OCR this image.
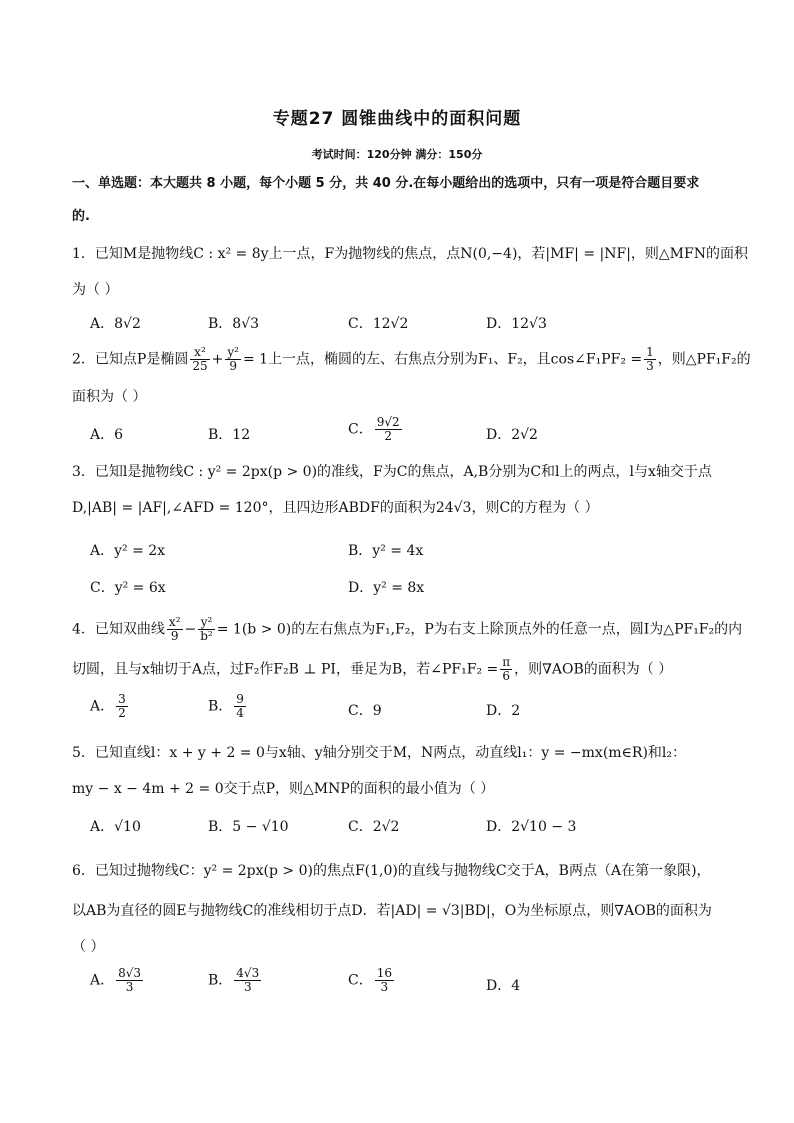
专题27 圆锥曲线中的面积问题
考试时间：120分钟 满分：150分
一、单选题：本大题共 8 小题，每个小题 5 分，共 40 分.在每小题给出的选项中，只有一项是符合题目要求
的.
1．已知M是抛物线C : x² = 8y上一点，F为抛物线的焦点，点N(0,−4)，若|MF| = |NF|，则△MFN的面积
为（ ）
A．8√2	B．8√3	C．12√2	D．12√3
2．已知点P是椭圆 $\frac{\text{x²}}{25} + \frac{\text{y²}}{9} = 1$上一点，椭圆的左、右焦点分别为F₁、F₂，且cos∠F₁PF₂ = $\frac{1}{3}$ ，则△PF₁F₂的
面积为（ ）
A．6	B．12	C． $\frac{9√2}{2}$	D．2√2
3．已知l是抛物线C : y² = 2px(p > 0)的准线，F为C的焦点，A,B分别为C和l上的两点，l与x轴交于点
D,|AB| = |AF|,∠AFD = 120°，且四边形ABDF的面积为24√3，则C的方程为（ ）
A．y² = 2x	B．y² = 4x
C．y² = 6x	D．y² = 8x
4．已知双曲线 $\frac{\text{x²}}{9} - \frac{\text{y²}}{\text{b²}} = 1(b > 0)$的左右焦点为F₁,F₂，P为右支上除顶点外的任意一点，圆I为△PF₁F₂的内
切圆，且与x轴切于A点，过F₂作F₂B ⊥ PI，垂足为B，若∠PF₁F₂ = $\frac{\pi}{6}$ ，则∇AOB的面积为（ ）
A． $\frac{3}{2}$	B． $\frac{9}{4}$	C．9	D．2
5．已知直线l：x + y + 2 = 0与x轴、y轴分别交于M，N两点，动直线l₁：y = −mx(m∈R)和l₂：
my − x − 4m + 2 = 0交于点P，则△MNP的面积的最小值为（ ）
A．√10	B．5 − √10	C．2√2	D．2√10 − 3
6．已知过抛物线C：y² = 2px(p > 0)的焦点F(1,0)的直线与抛物线C交于A，B两点（A在第一象限)，
以AB为直径的圆E与抛物线C的准线相切于点D．若|AD| = √3|BD|，O为坐标原点，则∇AOB的面积为
（ ）
A． $\frac{8√3}{3}$	B． $\frac{4√3}{3}$	C． $\frac{16}{3}$	D．4
